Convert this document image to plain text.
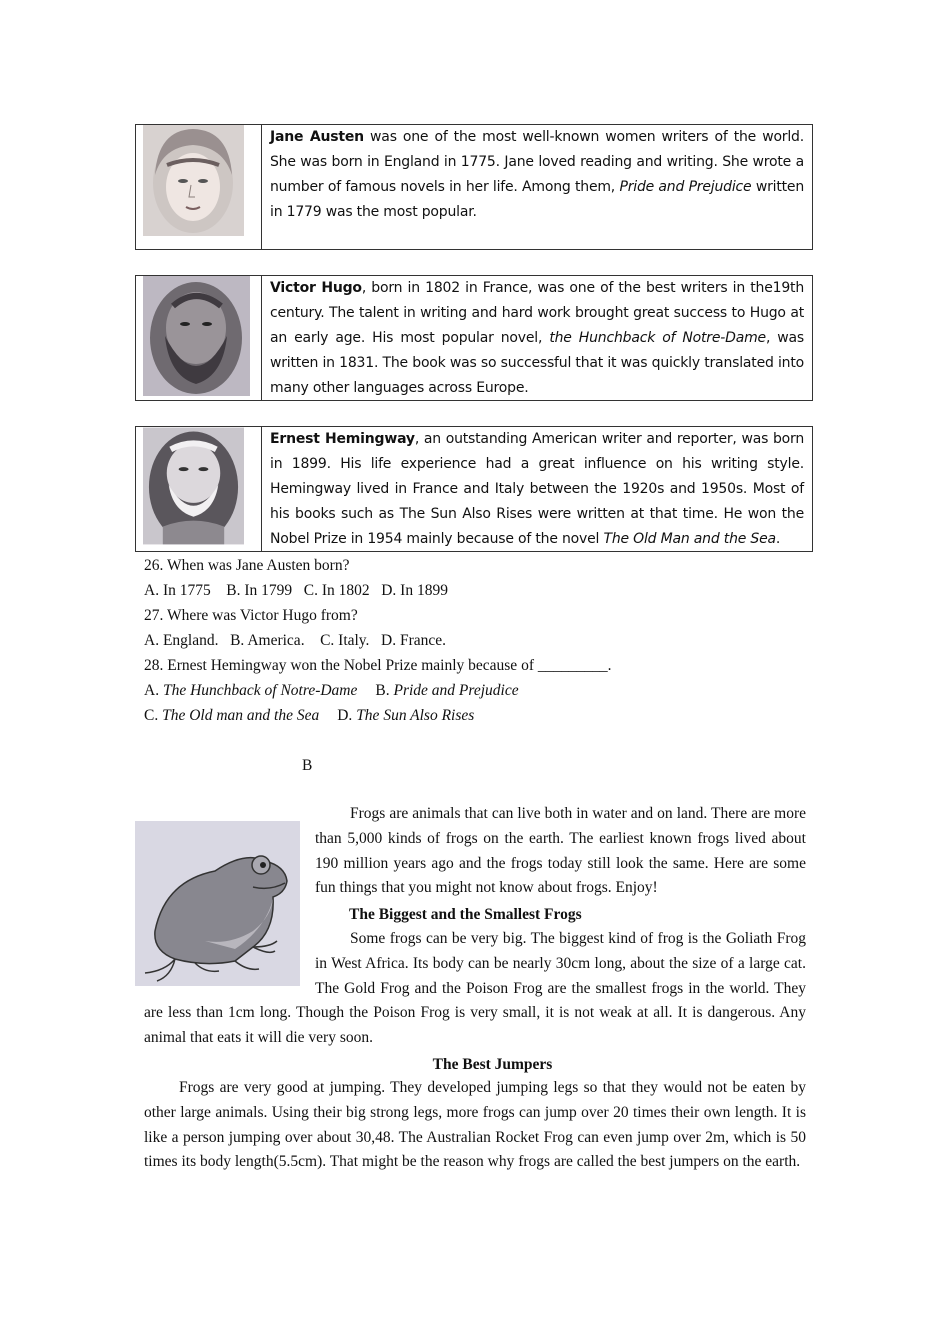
Jane Austen was one of the most well-known women writers of the world. She was born in England in 1775. Jane loved reading and writing. She wrote a number of famous novels in her life. Among them, Pride and Prejudice written in 1779 was the most popular.
Victor Hugo, born in 1802 in France, was one of the best writers in the19th century. The talent in writing and hard work brought great success to Hugo at an early age. His most popular novel, the Hunchback of Notre-Dame, was written in 1831. The book was so successful that it was quickly translated into many other languages across Europe.
Ernest Hemingway, an outstanding American writer and reporter, was born in 1899. His life experience had a great influence on his writing style. Hemingway lived in France and Italy between the 1920s and 1950s. Most of his books such as The Sun Also Rises were written at that time. He won the Nobel Prize in 1954 mainly because of the novel The Old Man and the Sea.
26. When was Jane Austen born?
A. In 1775    B. In 1799   C. In 1802   D. In 1899
27. Where was Victor Hugo from?
A. England.   B. America.    C. Italy.   D. France.
28. Ernest Hemingway won the Nobel Prize mainly because of _________.
A. The Hunchback of Notre-Dame B. Pride and Prejudice
C. The Old man and the Sea D. The Sun Also Rises
B
Frogs are animals that can live both in water and on land. There are more than 5,000 kinds of frogs on the earth. The earliest known frogs lived about 190 million years ago and the frogs today still look the same. Here are some fun things that you might not know about frogs. Enjoy!
The Biggest and the Smallest Frogs
Some frogs can be very big. The biggest kind of frog is the Goliath Frog in West Africa. Its body can be nearly 30cm long, about the size of a large cat. The Gold Frog and the Poison Frog are the smallest frogs in the world. They are less than 1cm long. Though the Poison Frog is very small, it is not weak at all. It is dangerous. Any animal that eats it will die very soon.
The Best Jumpers
Frogs are very good at jumping. They developed jumping legs so that they would not be eaten by other large animals. Using their big strong legs, more frogs can jump over 20 times their own length. It is like a person jumping over about 30,48. The Australian Rocket Frog can even jump over 2m, which is 50 times its body length(5.5cm). That might be the reason why frogs are called the best jumpers on the earth.
